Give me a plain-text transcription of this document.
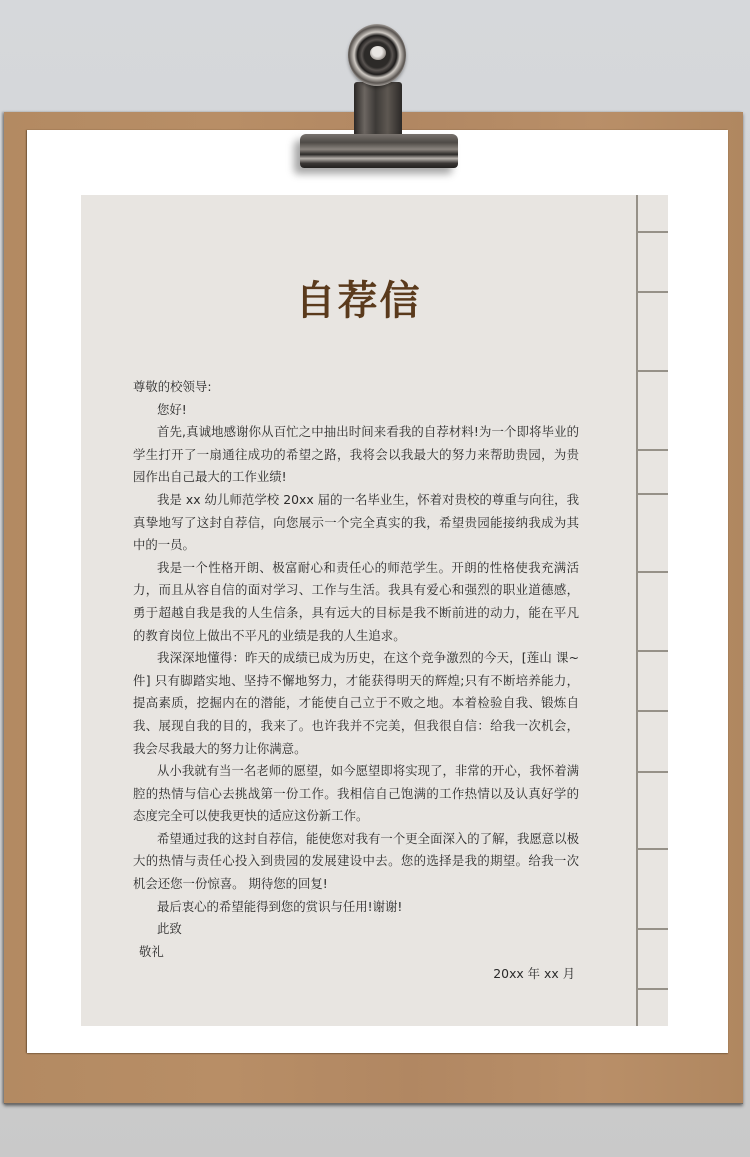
自荐信

尊敬的校领导:

您好!

首先,真诚地感谢你从百忙之中抽出时间来看我的自荐材料!为一个即将毕业的学生打开了一扇通往成功的希望之路，我将会以我最大的努力来帮助贵园，为贵园作出自己最大的工作业绩!

我是 xx 幼儿师范学校 20xx 届的一名毕业生，怀着对贵校的尊重与向往，我真挚地写了这封自荐信，向您展示一个完全真实的我，希望贵园能接纳我成为其中的一员。

我是一个性格开朗、极富耐心和责任心的师范学生。开朗的性格使我充满活力，而且从容自信的面对学习、工作与生活。我具有爱心和强烈的职业道德感，勇于超越自我是我的人生信条，具有远大的目标是我不断前进的动力，能在平凡的教育岗位上做出不平凡的业绩是我的人生追求。

我深深地懂得：昨天的成绩已成为历史，在这个竞争激烈的今天，[莲山 课~件] 只有脚踏实地、坚持不懈地努力，才能获得明天的辉煌;只有不断培养能力，提高素质，挖掘内在的潜能，才能使自己立于不败之地。本着检验自我、锻炼自我、展现自我的目的，我来了。也许我并不完美，但我很自信：给我一次机会，我会尽我最大的努力让你满意。

从小我就有当一名老师的愿望，如今愿望即将实现了，非常的开心，我怀着满腔的热情与信心去挑战第一份工作。我相信自己饱满的工作热情以及认真好学的态度完全可以使我更快的适应这份新工作。

希望通过我的这封自荐信，能使您对我有一个更全面深入的了解，我愿意以极大的热情与责任心投入到贵园的发展建设中去。您的选择是我的期望。给我一次机会还您一份惊喜。 期待您的回复!

最后衷心的希望能得到您的赏识与任用!谢谢!

此致

敬礼

20xx 年 xx 月
